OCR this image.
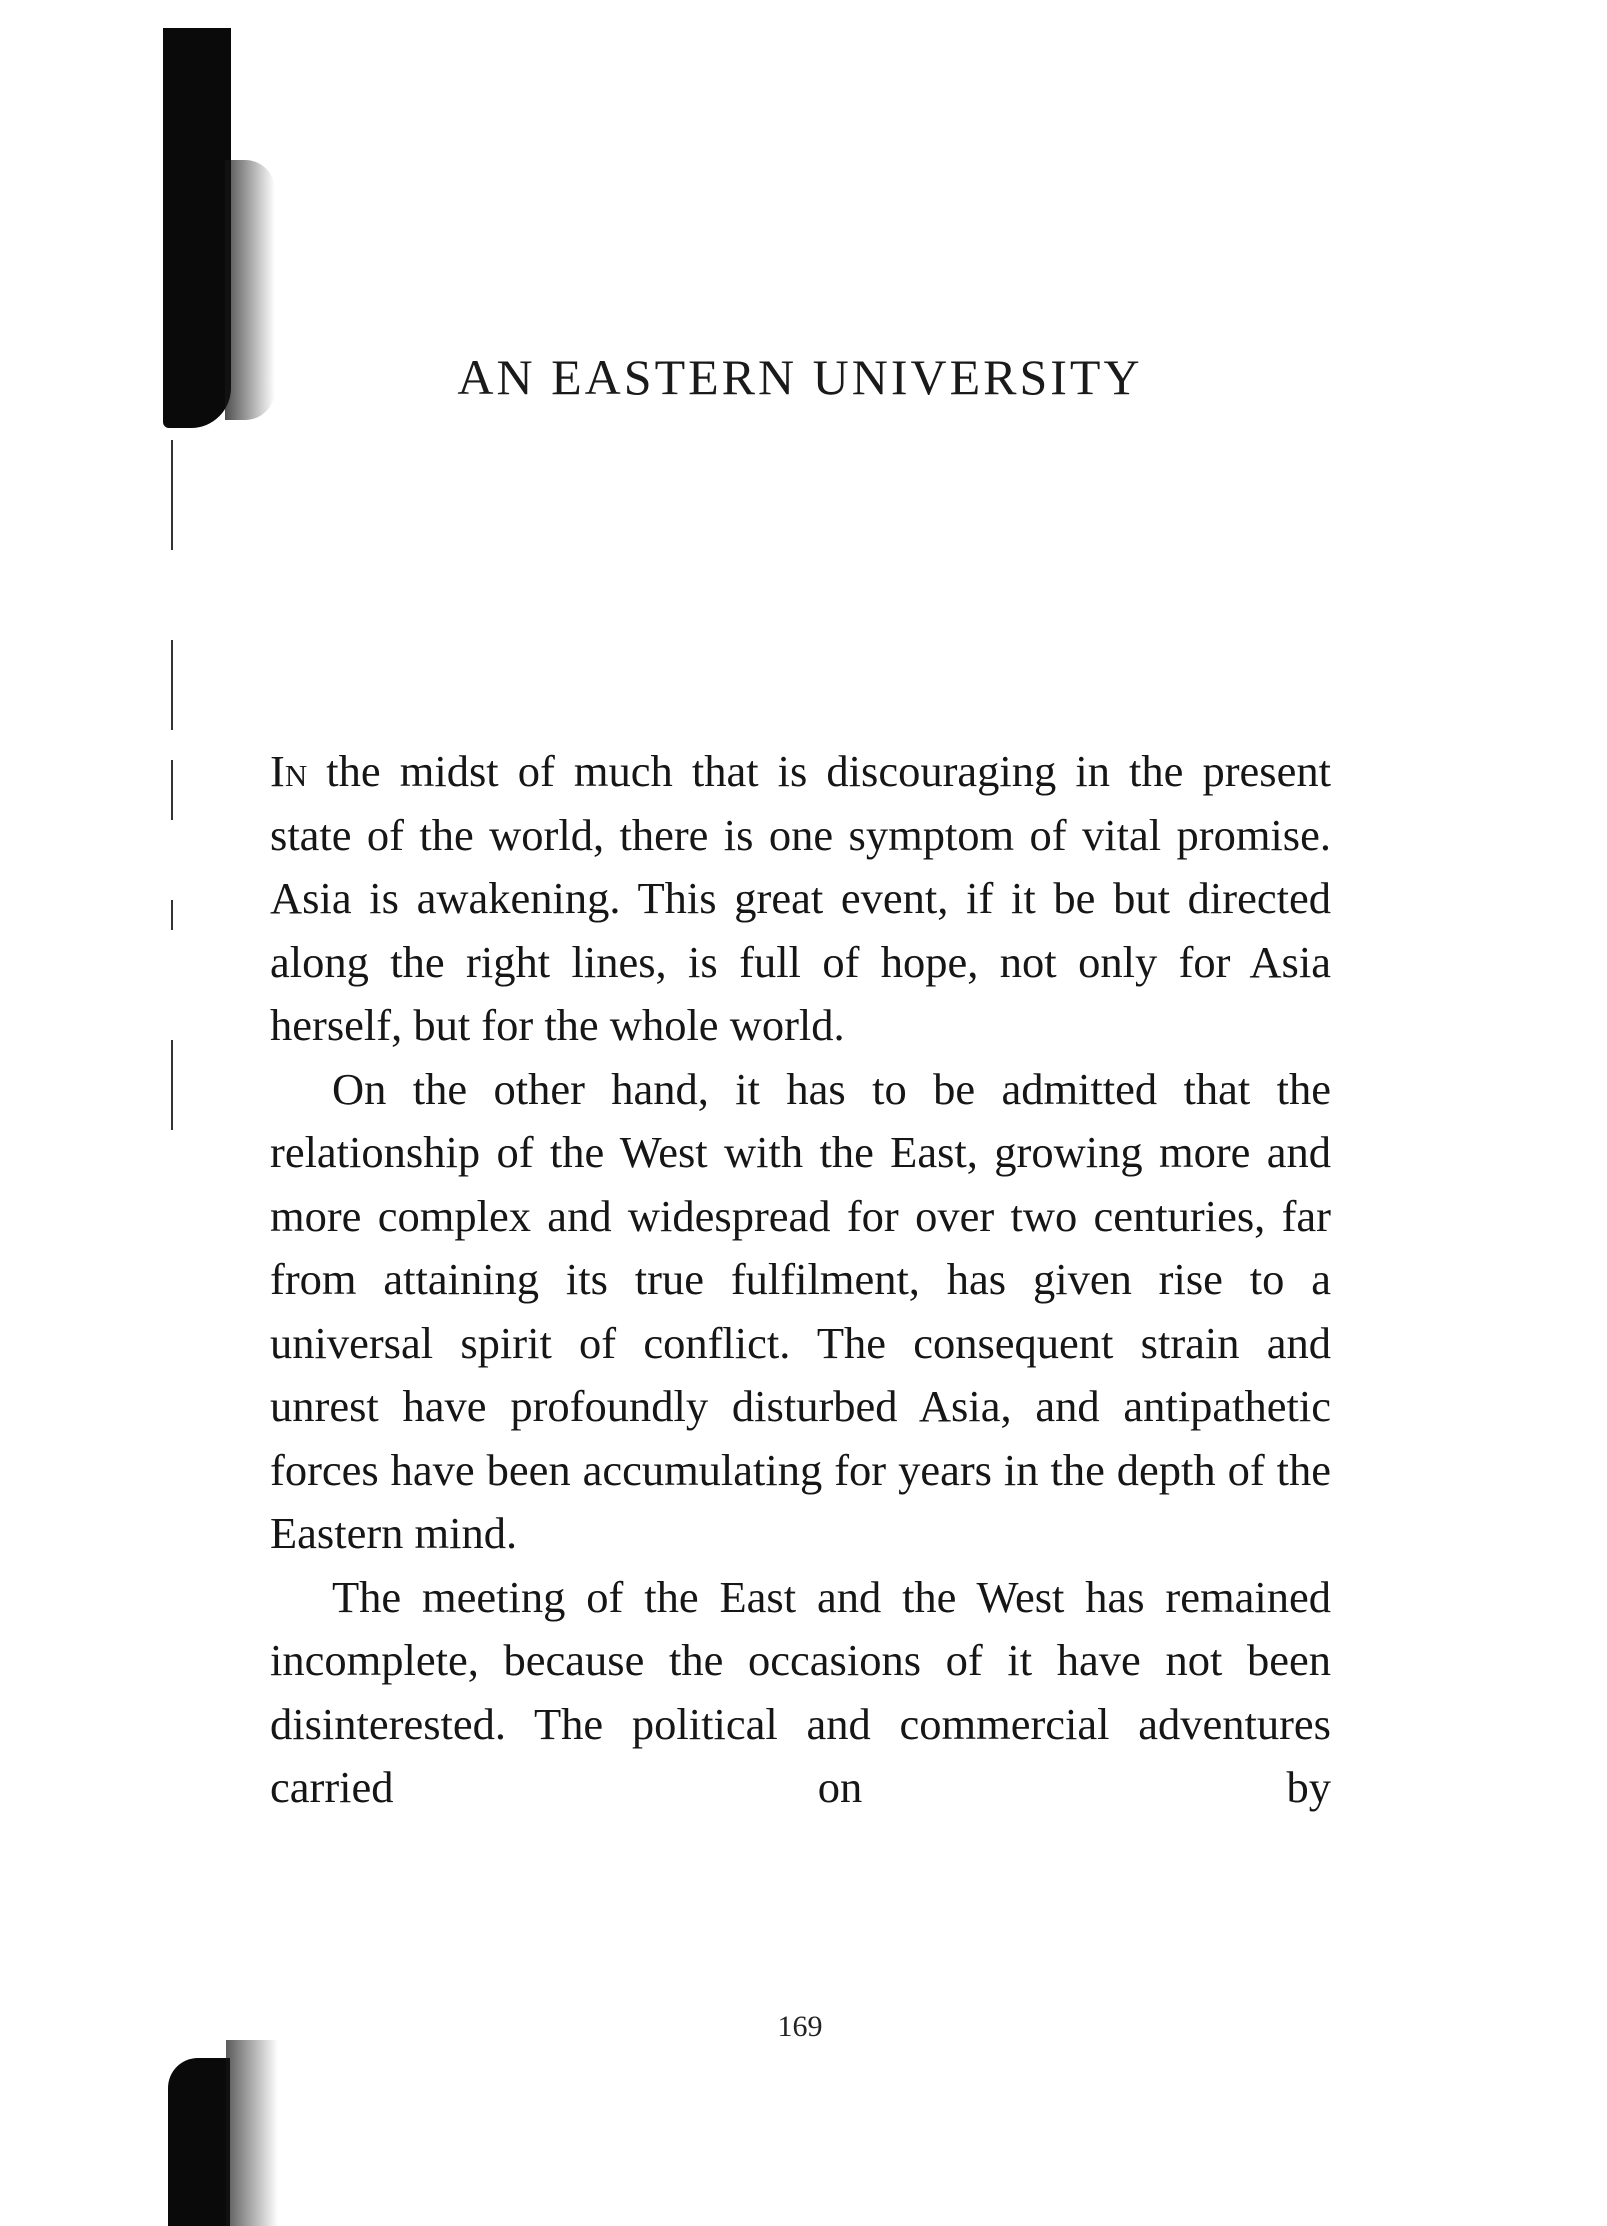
AN EASTERN UNIVERSITY

In the midst of much that is discouraging in the present state of the world, there is one symptom of vital promise. Asia is awakening. This great event, if it be but directed along the right lines, is full of hope, not only for Asia herself, but for the whole world.

On the other hand, it has to be admitted that the relationship of the West with the East, growing more and more complex and widespread for over two centuries, far from attaining its true fulfilment, has given rise to a universal spirit of conflict. The consequent strain and unrest have profoundly disturbed Asia, and antipathetic forces have been accumulating for years in the depth of the Eastern mind.

The meeting of the East and the West has remained incomplete, because the occasions of it have not been disinterested. The political and commercial adventures carried on by

169
